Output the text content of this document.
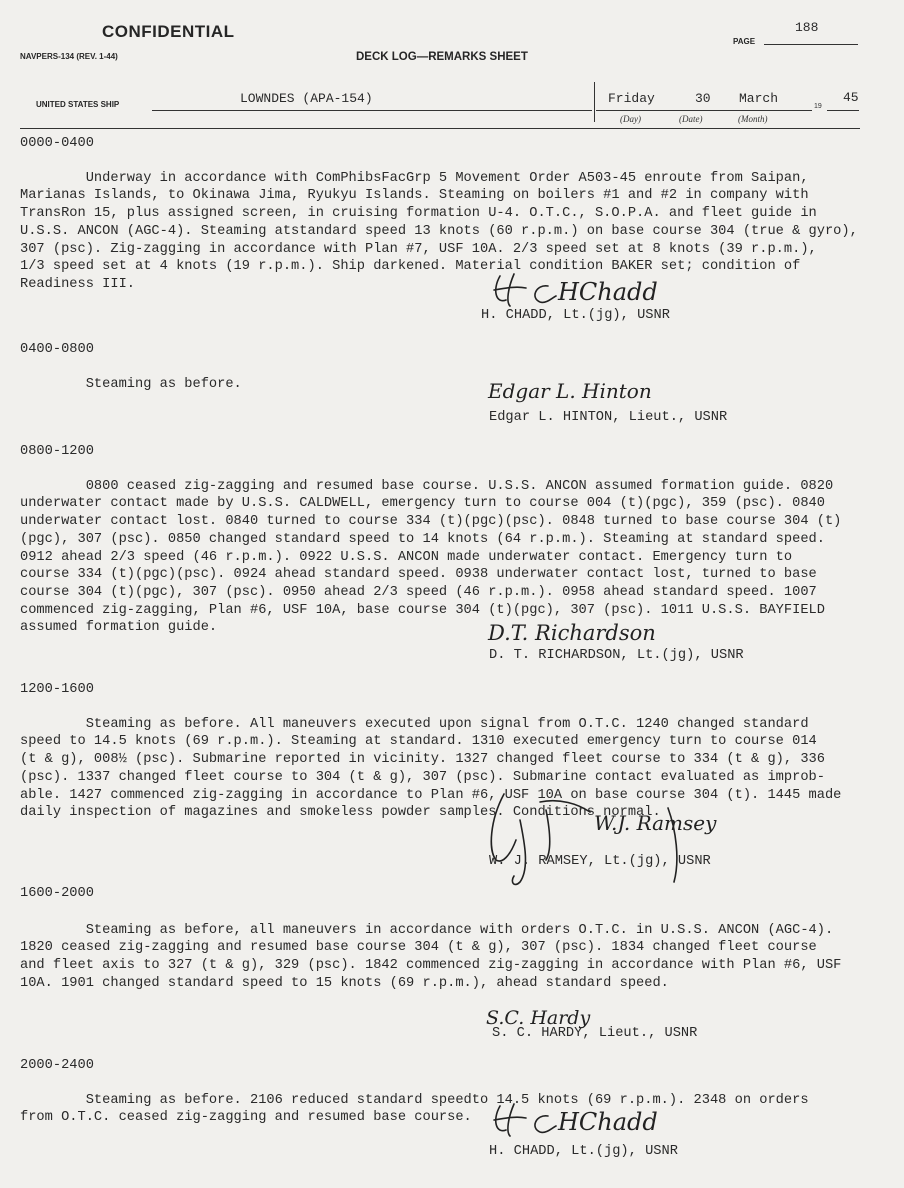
CONFIDENTIAL
PAGE
188
NAVPERS-134 (REV. 1-44)	DECK LOG—REMARKS SHEET
UNITED STATES SHIP	LOWNDES (APA-154)	Friday	30 March
(Day)	(Date)	(Month)
19
45
0000-0400

Underway in accordance with ComPhibsFacGrp 5 Movement Order A503-45 enroute from Saipan,
Marianas Islands, to Okinawa Jima, Ryukyu Islands. Steaming on boilers #1 and #2 in company with
TransRon 15, plus assigned screen, in cruising formation U-4. O.T.C., S.O.P.A. and fleet guide in
U.S.S. ANCON (AGC-4). Steaming atstandard speed 13 knots (60 r.p.m.) on base course 304 (true & gyro),
307 (psc). Zig-zagging in accordance with Plan #7, USF 10A. 2/3 speed set at 8 knots (39 r.p.m.),
1/3 speed set at 4 knots (19 r.p.m.). Ship darkened. Material condition BAKER set; condition of
Readiness III.	HChadd
H. CHADD, Lt.(jg), USNR
0400-0800

Steaming as before.	Edgar L. Hinton
Edgar L. HINTON, Lieut., USNR
0800-1200

0800 ceased zig-zagging and resumed base course. U.S.S. ANCON assumed formation guide. 0820
underwater contact made by U.S.S. CALDWELL, emergency turn to course 004 (t)(pgc), 359 (psc). 0840
underwater contact lost. 0840 turned to course 334 (t)(pgc)(psc). 0848 turned to base course 304 (t)
(pgc), 307 (psc). 0850 changed standard speed to 14 knots (64 r.p.m.). Steaming at standard speed.
0912 ahead 2/3 speed (46 r.p.m.). 0922 U.S.S. ANCON made underwater contact. Emergency turn to
course 334 (t)(pgc)(psc). 0924 ahead standard speed. 0938 underwater contact lost, turned to base
course 304 (t)(pgc), 307 (psc). 0950 ahead 2/3 speed (46 r.p.m.). 0958 ahead standard speed. 1007
commenced zig-zagging, Plan #6, USF 10A, base course 304 (t)(pgc), 307 (psc). 1011 U.S.S. BAYFIELD
assumed formation guide.	D.T. Richardson
D. T. RICHARDSON, Lt.(jg), USNR
1200-1600

Steaming as before. All maneuvers executed upon signal from O.T.C. 1240 changed standard
speed to 14.5 knots (69 r.p.m.). Steaming at standard. 1310 executed emergency turn to course 014
(t & g), 008½ (psc). Submarine reported in vicinity. 1327 changed fleet course to 334 (t & g), 336
(psc). 1337 changed fleet course to 304 (t & g), 307 (psc). Submarine contact evaluated as improb-
able. 1427 commenced zig-zagging in accordance to Plan #6, USF 10A on base course 304 (t). 1445 made
daily inspection of magazines and smokeless powder samples. Conditions normal.

W.J. Ramsey
W. J. RAMSEY, Lt.(jg), USNR
1600-2000

Steaming as before, all maneuvers in accordance with orders O.T.C. in U.S.S. ANCON (AGC-4).
1820 ceased zig-zagging and resumed base course 304 (t & g), 307 (psc). 1834 changed fleet course
and fleet axis to 327 (t & g), 329 (psc). 1842 commenced zig-zagging in accordance with Plan #6, USF
10A. 1901 changed standard speed to 15 knots (69 r.p.m.), ahead standard speed.

S.C. Hardy
S. C. HARDY, Lieut., USNR
2000-2400

Steaming as before. 2106 reduced standard speedto 14.5 knots (69 r.p.m.). 2348 on orders
from O.T.C. ceased zig-zagging and resumed base course.	HChadd
H. CHADD, Lt.(jg), USNR
